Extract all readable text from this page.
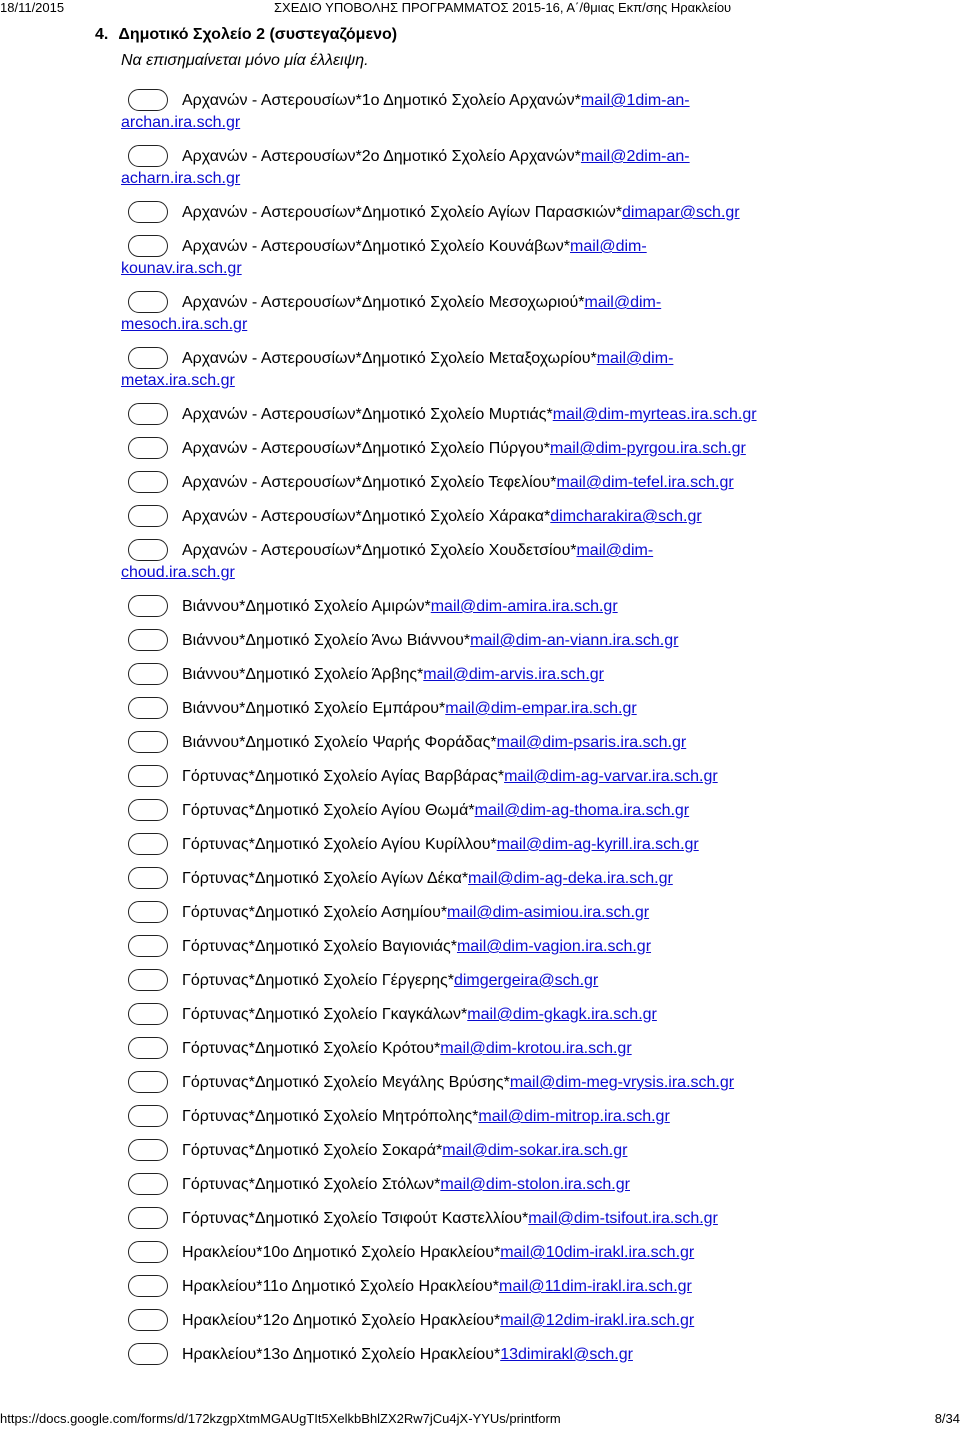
18/11/2015	ΣΧΕΔΙΟ ΥΠΟΒΟΛΗΣ ΠΡΟΓΡΑΜΜΑΤΟΣ 2015-16, Α΄/θμιας Εκπ/σης Ηρακλείου
4. Δημοτικό Σχολείο 2 (συστεγαζόμενο)
Να επισημαίνεται μόνο μία έλλειψη.
Αρχανών - Αστερουσίων*1ο Δημοτικό Σχολείο Αρχανών*mail@1dim-an-
archan.ira.sch.gr
Αρχανών - Αστερουσίων*2ο Δημοτικό Σχολείο Αρχανών*mail@2dim-an-
acharn.ira.sch.gr
Αρχανών - Αστερουσίων*Δημοτικό Σχολείο Αγίων Παρασκιών*dimapar@sch.gr
Αρχανών - Αστερουσίων*Δημοτικό Σχολείο Κουνάβων*mail@dim-
kounav.ira.sch.gr
Αρχανών - Αστερουσίων*Δημοτικό Σχολείο Μεσοχωριού*mail@dim-
mesoch.ira.sch.gr
Αρχανών - Αστερουσίων*Δημοτικό Σχολείο Μεταξοχωρίου*mail@dim-
metax.ira.sch.gr
Αρχανών - Αστερουσίων*Δημοτικό Σχολείο Μυρτιάς*mail@dim-myrteas.ira.sch.gr
Αρχανών - Αστερουσίων*Δημοτικό Σχολείο Πύργου*mail@dim-pyrgou.ira.sch.gr
Αρχανών - Αστερουσίων*Δημοτικό Σχολείο Τεφελίου*mail@dim-tefel.ira.sch.gr
Αρχανών - Αστερουσίων*Δημοτικό Σχολείο Χάρακα*dimcharakira@sch.gr
Αρχανών - Αστερουσίων*Δημοτικό Σχολείο Χουδετσίου*mail@dim-
choud.ira.sch.gr
Βιάννου*Δημοτικό Σχολείο Αμιρών*mail@dim-amira.ira.sch.gr
Βιάννου*Δημοτικό Σχολείο Άνω Βιάννου*mail@dim-an-viann.ira.sch.gr
Βιάννου*Δημοτικό Σχολείο Άρβης*mail@dim-arvis.ira.sch.gr
Βιάννου*Δημοτικό Σχολείο Εμπάρου*mail@dim-empar.ira.sch.gr
Βιάννου*Δημοτικό Σχολείο Ψαρής Φοράδας*mail@dim-psaris.ira.sch.gr
Γόρτυνας*Δημοτικό Σχολείο Αγίας Βαρβάρας*mail@dim-ag-varvar.ira.sch.gr
Γόρτυνας*Δημοτικό Σχολείο Αγίου Θωμά*mail@dim-ag-thoma.ira.sch.gr
Γόρτυνας*Δημοτικό Σχολείο Αγίου Κυρίλλου*mail@dim-ag-kyrill.ira.sch.gr
Γόρτυνας*Δημοτικό Σχολείο Αγίων Δέκα*mail@dim-ag-deka.ira.sch.gr
Γόρτυνας*Δημοτικό Σχολείο Ασημίου*mail@dim-asimiou.ira.sch.gr
Γόρτυνας*Δημοτικό Σχολείο Βαγιονιάς*mail@dim-vagion.ira.sch.gr
Γόρτυνας*Δημοτικό Σχολείο Γέργερης*dimgergeira@sch.gr
Γόρτυνας*Δημοτικό Σχολείο Γκαγκάλων*mail@dim-gkagk.ira.sch.gr
Γόρτυνας*Δημοτικό Σχολείο Κρότου*mail@dim-krotou.ira.sch.gr
Γόρτυνας*Δημοτικό Σχολείο Μεγάλης Βρύσης*mail@dim-meg-vrysis.ira.sch.gr
Γόρτυνας*Δημοτικό Σχολείο Μητρόπολης*mail@dim-mitrop.ira.sch.gr
Γόρτυνας*Δημοτικό Σχολείο Σοκαρά*mail@dim-sokar.ira.sch.gr
Γόρτυνας*Δημοτικό Σχολείο Στόλων*mail@dim-stolon.ira.sch.gr
Γόρτυνας*Δημοτικό Σχολείο Τσιφούτ Καστελλίου*mail@dim-tsifout.ira.sch.gr
Ηρακλείου*10ο Δημοτικό Σχολείο Ηρακλείου*mail@10dim-irakl.ira.sch.gr
Ηρακλείου*11ο Δημοτικό Σχολείο Ηρακλείου*mail@11dim-irakl.ira.sch.gr
Ηρακλείου*12ο Δημοτικό Σχολείο Ηρακλείου*mail@12dim-irakl.ira.sch.gr
Ηρακλείου*13ο Δημοτικό Σχολείο Ηρακλείου*13dimirakl@sch.gr
https://docs.google.com/forms/d/172kzgpXtmMGAUgTIt5XelkbBhlZX2Rw7jCu4jX-YYUs/printform	8/34
